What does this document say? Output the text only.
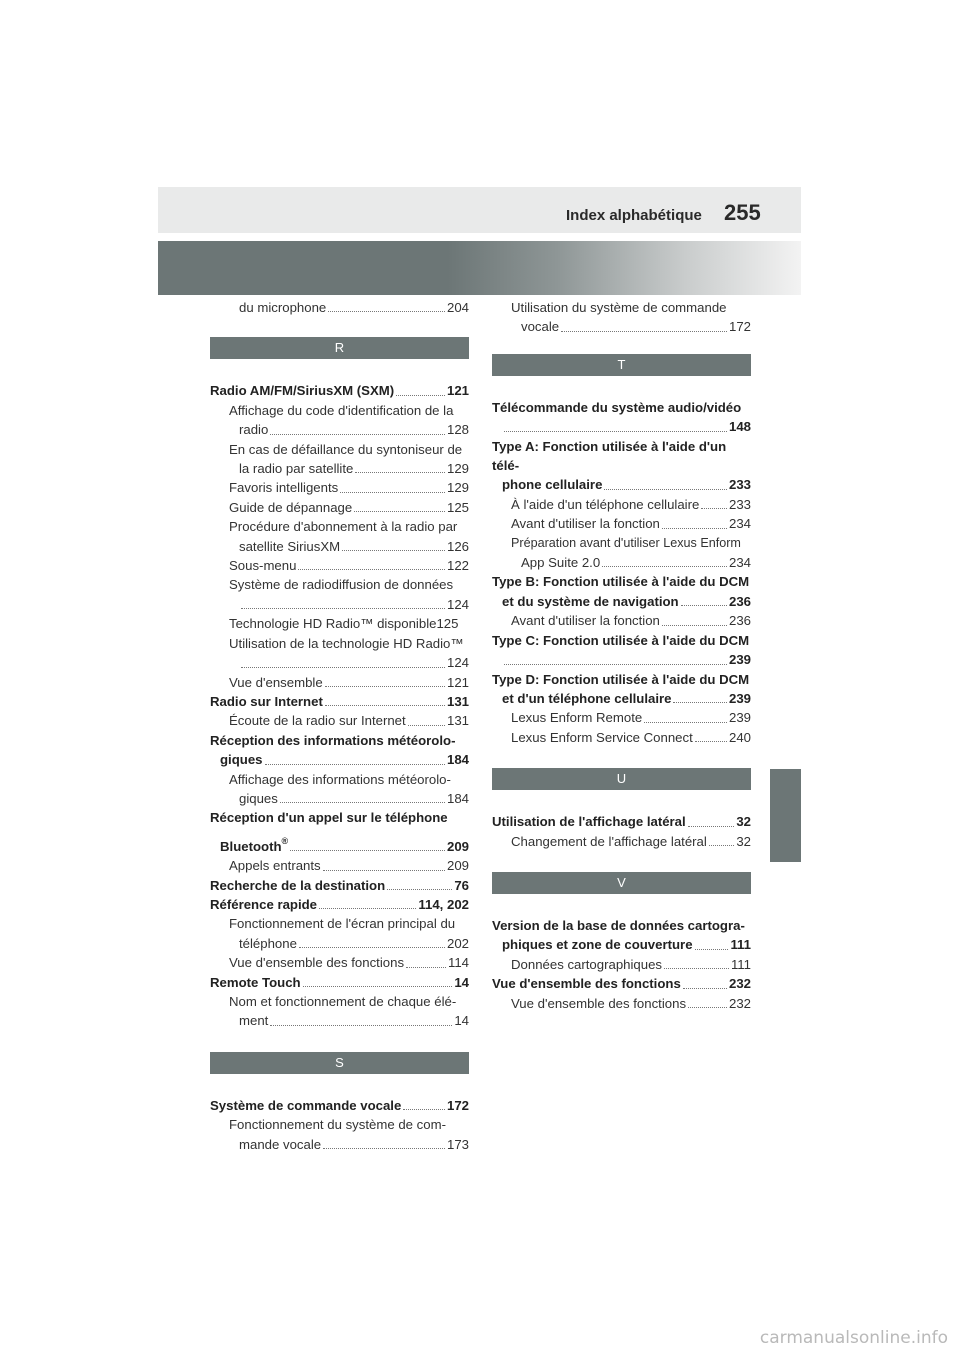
Index alphabétique 255
du microphone	204
R
Radio AM/FM/SiriusXM (SXM)	121
Affichage du code d'identification de la
radio	128
En cas de défaillance du syntoniseur de
la radio par satellite	129
Favoris intelligents	129
Guide de dépannage	125
Procédure d'abonnement à la radio par
satellite SiriusXM	126
Sous-menu	122
Système de radiodiffusion de données
124
Technologie HD Radio™ disponible 125
Utilisation de la technologie HD Radio™
124
Vue d'ensemble	121
Radio sur Internet	131
Écoute de la radio sur Internet	131
Réception des informations météorolo-
giques	184
Affichage des informations météorolo-
giques	184
Réception d'un appel sur le téléphone
Bluetooth®	209
Appels entrants	209
Recherche de la destination	76
Référence rapide	114, 202
Fonctionnement de l'écran principal du
téléphone	202
Vue d'ensemble des fonctions	114
Remote Touch	14
Nom et fonctionnement de chaque élé-
ment	14
S
Système de commande vocale	172
Fonctionnement du système de com-
mande vocale	173
Utilisation du système de commande
vocale	172
T
Télécommande du système audio/vidéo
148
Type A: Fonction utilisée à l'aide d'un télé-
phone cellulaire	233
À l'aide d'un téléphone cellulaire 233
Avant d'utiliser la fonction	234
Préparation avant d'utiliser Lexus Enform
App Suite 2.0	234
Type B: Fonction utilisée à l'aide du DCM
et du système de navigation	236
Avant d'utiliser la fonction	236
Type C: Fonction utilisée à l'aide du DCM
239
Type D: Fonction utilisée à l'aide du DCM
et d'un téléphone cellulaire	239
Lexus Enform Remote	239
Lexus Enform Service Connect	240
U
Utilisation de l'affichage latéral	32
Changement de l'affichage latéral 32
V
Version de la base de données cartogra-
phiques et zone de couverture	111
Données cartographiques	111
Vue d'ensemble des fonctions	232
Vue d'ensemble des fonctions	232
carmanualsonline.info
